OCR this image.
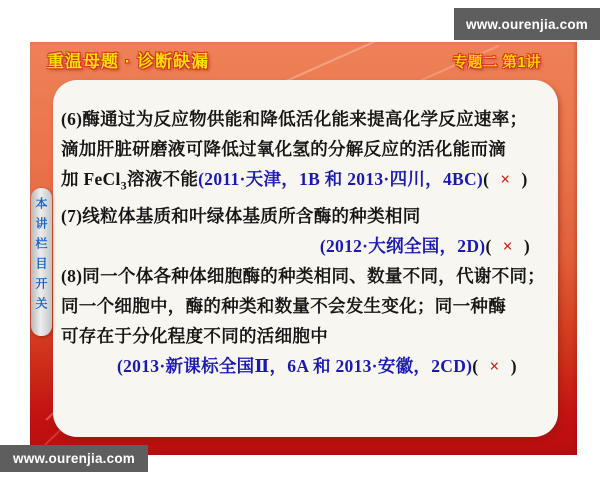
www.ourenjia.com
重温母题 · 诊断缺漏	专题二 第1讲
(6)酶通过为反应物供能和降低活化能来提高化学反应速率；
滴加肝脏研磨液可降低过氧化氢的分解反应的活化能而滴
加 FeCl$_3$溶液不能(2011·天津，1B 和 2013·四川，4BC)( × )
(7)线粒体基质和叶绿体基质所含酶的种类相同
(2012·大纲全国，2D)( × )
(8)同一个体各种体细胞酶的种类相同、数量不同，代谢不同；
同一个细胞中，酶的种类和数量不会发生变化；同一种酶
可存在于分化程度不同的活细胞中
(2013·新课标全国Ⅱ，6A 和 2013·安徽，2CD)( × )
本讲栏目开关
www.ourenjia.com
